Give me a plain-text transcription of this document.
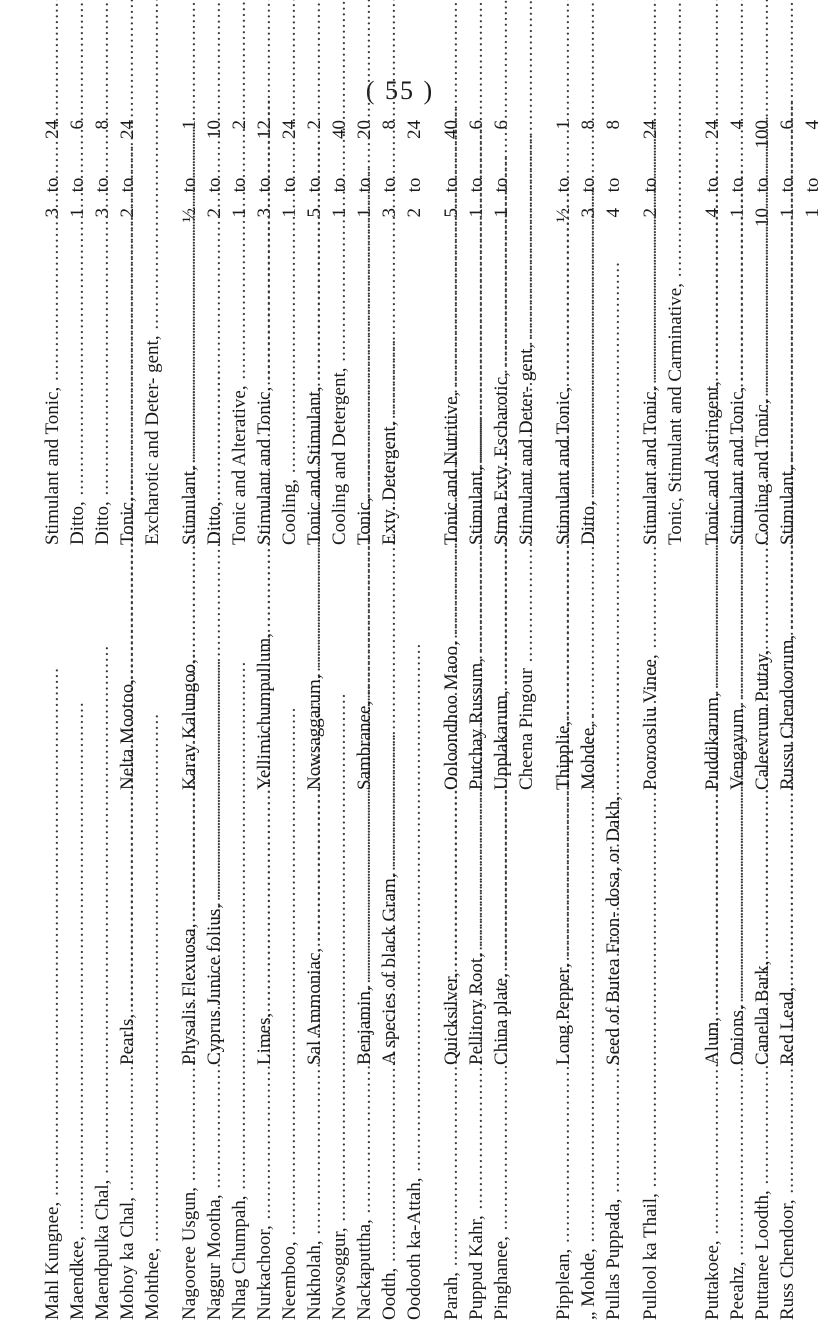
( 55 )
Mahl Kungnee, .....
Stimulant and Tonic, .....
3
to
24
Maendkee, .....
Ditto, .....
1
to
6
Maendpulka Chal, .....
Ditto, .....
3
to
8
Mohoy ka Chal, .....
Pearls, .....
Nelta Mootoo, .....
Tonic, .....
2
to
24
Mohthee, .....
Excharotic and Deter- gent, .....
Nagooree Usgun, .....
Physalis Flexuosa, .....
Karay Kalungoo, .....
Stimulant, .....
½
to
1
Naggur Mootha, .....
Cyprus Junice folius, .....
Ditto, .....
2
to
10
Nhag Chumpah, .....
Tonic and Alterative, .....
1
to
2
Nurkachoor, .....
Limes, .....
Yellimichumpullum, .....
Stimulant and Tonic, .....
3
to
12
Neemboo, .....
Cooling, .....
1
to
24
Nukholah, .....
Sal Ammoniac, .....
Nowsaggarum, .....
Tonic and Stimulant, .....
5
to
2
Nowsoggur, .....
Cooling and Detergent, .....
1
to
40
Nackaputtha, .....
Benjamin, .....
Sambranee, .....
Tonic, .....
1
to
20
Oodth, .....
A species of black Gram, .....
Exty. Detergent, .....
3
to
8
Oodooth ka-Attah, .....
2
to
24
Parah, .....
Quicksilver, .....
Ooloondhoo Maoo, .....
Tonic and Nutritive, .....
5
to
40
Puppud Kahr, .....
Pellitory Root, .....
Putchay Russum, .....
Stimulant, .....
1
to
6
Pinghanee, .....
China plate, .....
Upplakarum, .....
Stma Exty. Escharotic, .....
1
to
6
Cheena Pingour .....
Stimulant and Deter- gent, .....
Pipplean, .....
Long Pepper, .....
Thipplie, .....
Stimulant and Tonic, .....
½
to
1
„ Mohde, .....
Mohdee, .....
Ditto, .....
3
to
8
Pullas Puppada, .....
Seed of Butea Fron- dosa, or Dakh, .....
4
to
8
Pullool ka Thail, .....
Pooroosliu Vinee, .....
Stimulant and Tonic, .....
2
to
24
Tonic, Stimulant and Carminative, .....
Puttakoee, .....
Alum, .....
Puddikarum, .....
Tonic and Astringent, .....
4
to
24
Peeahz, .....
Onions, .....
Vengayum, .....
Stimulant and Tonic, .....
1
to
4
Puttanee Loodth, .....
Canella Bark, .....
Caleevrum Puttay, .....
Cooling and Tonic, .....
10
to
100
Russ Chendoor, .....
Red Lead, .....
Russu Chendoorum, .....
Stimulant, .....
1
to
6
1
to
4
